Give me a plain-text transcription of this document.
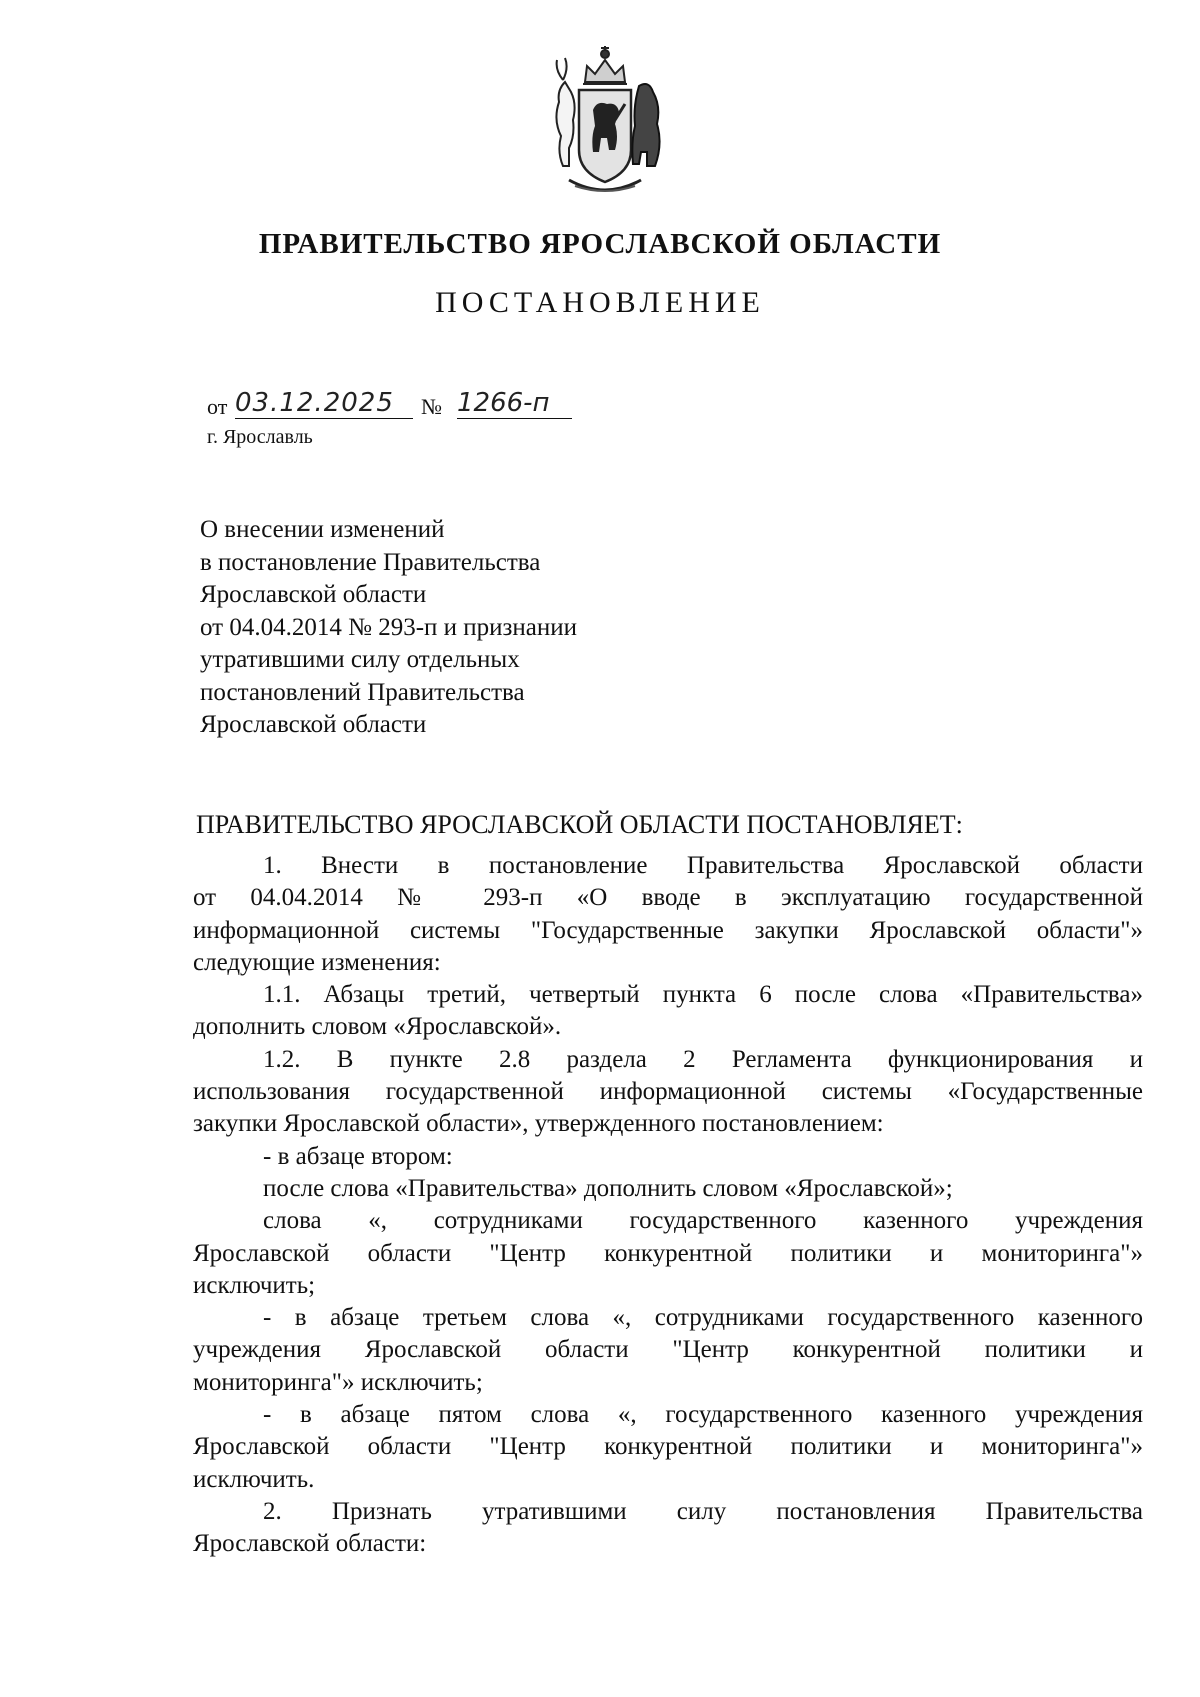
ПРАВИТЕЛЬСТВО ЯРОСЛАВСКОЙ ОБЛАСТИ
ПОСТАНОВЛЕНИЕ
от 03.12.2025	№ 1266-п
г. Ярославль
О внесении изменений
в постановление Правительства
Ярославской области
от 04.04.2014 № 293-п и признании
утратившими силу отдельных
постановлений Правительства
Ярославской области
ПРАВИТЕЛЬСТВО ЯРОСЛАВСКОЙ ОБЛАСТИ ПОСТАНОВЛЯЕТ:

1. Внести в постановление Правительства Ярославской области

от 04.04.2014 № 293-п «О вводе в эксплуатацию государственной

информационной системы "Государственные закупки Ярославской области"»

следующие изменения:

1.1. Абзацы третий, четвертый пункта 6 после слова «Правительства»

дополнить словом «Ярославской».

1.2. В пункте 2.8 раздела 2 Регламента функционирования и

использования государственной информационной системы «Государственные

закупки Ярославской области», утвержденного постановлением:

- в абзаце втором:

после слова «Правительства» дополнить словом «Ярославской»;

слова «, сотрудниками государственного казенного учреждения

Ярославской области "Центр конкурентной политики и мониторинга"»

исключить;

- в абзаце третьем слова «, сотрудниками государственного казенного

учреждения Ярославской области "Центр конкурентной политики и

мониторинга"» исключить;

- в абзаце пятом слова «, государственного казенного учреждения

Ярославской области "Центр конкурентной политики и мониторинга"»

исключить.

2. Признать утратившими силу постановления Правительства

Ярославской области:
